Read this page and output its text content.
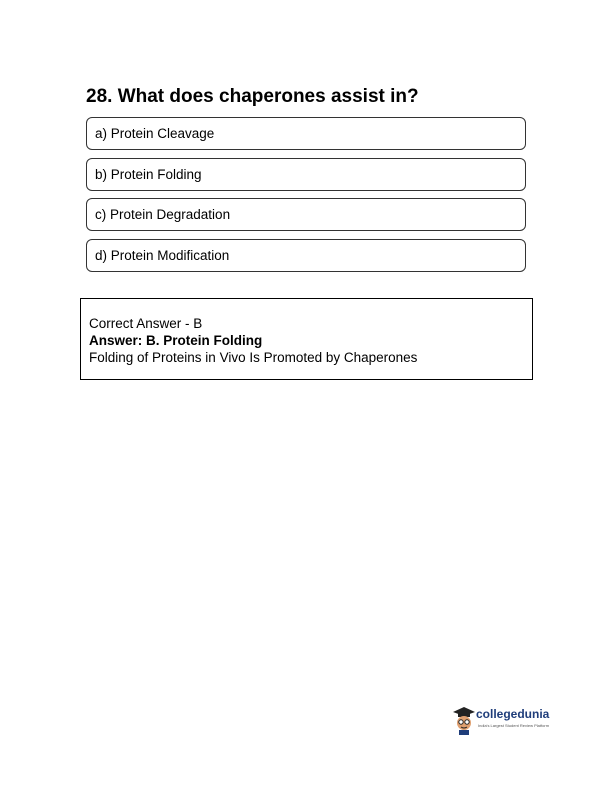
28. What does chaperones assist in?
a) Protein Cleavage
b) Protein Folding
c) Protein Degradation
d) Protein Modification
Correct Answer - B
Answer: B. Protein Folding
Folding of Proteins in Vivo Is Promoted by Chaperones
collegedunia
India's Largest Student Review Platform
